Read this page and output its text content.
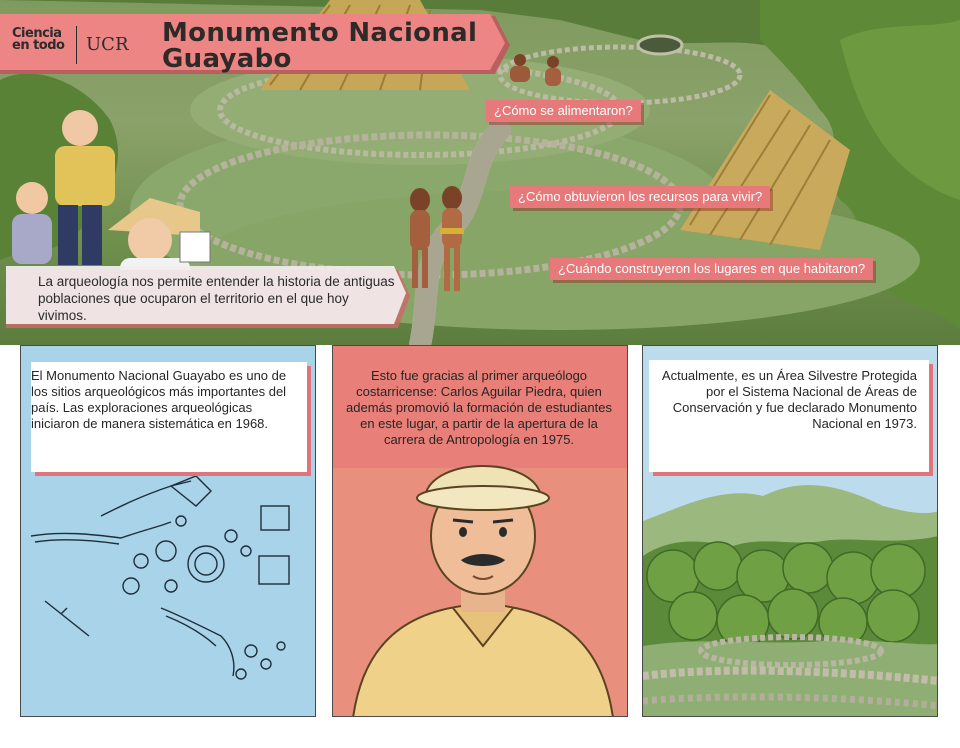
Ciencia
en todo UCR Monumento Nacional
Guayabo
¿Cómo se alimentaron?
¿Cómo obtuvieron los recursos para vivir?
¿Cuándo construyeron los lugares en que habitaron?
La arqueología nos permite entender la historia de antiguas poblaciones que ocuparon el territorio en el que hoy vivimos.
El Monumento Nacional Guayabo es uno de los sitios arqueológicos más importantes del país. Las exploraciones arqueológicas iniciaron de manera sistemática en 1968.
Esto fue gracias al primer arqueólogo costarricense: Carlos Aguilar Piedra, quien además promovió la formación de estudiantes en este lugar, a partir de la apertura de la carrera de Antropología en 1975.
Actualmente, es un Área Silvestre Protegida por el Sistema Nacional de Áreas de Conservación y fue declarado Monumento Nacional en 1973.
